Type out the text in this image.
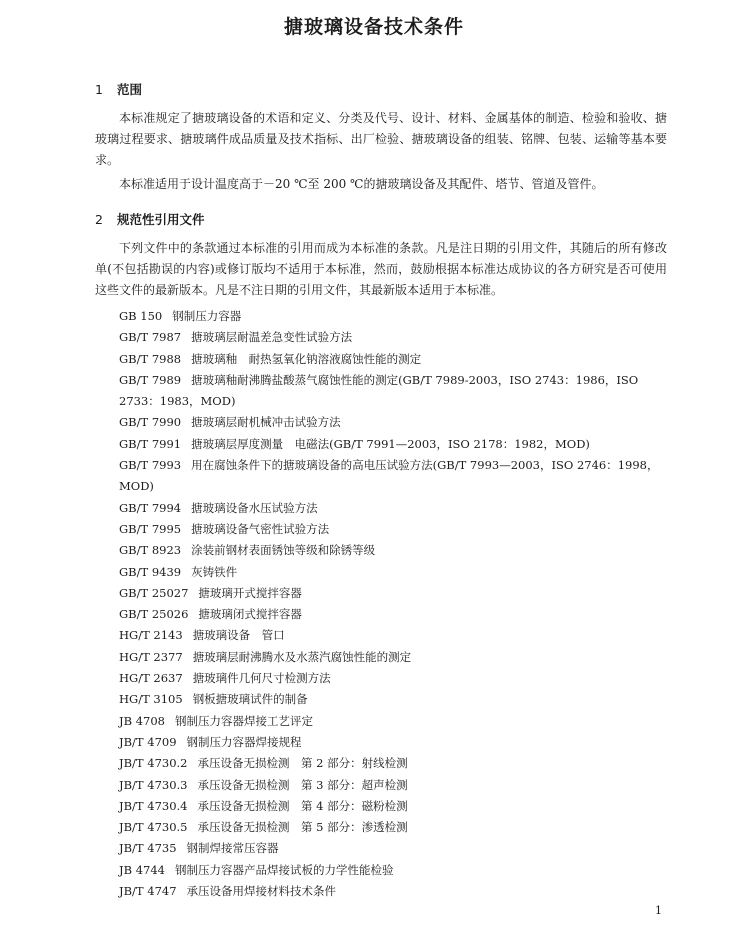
搪玻璃设备技术条件
1 范围
本标准规定了搪玻璃设备的术语和定义、分类及代号、设计、材料、金属基体的制造、检验和验收、搪玻璃过程要求、搪玻璃件成品质量及技术指标、出厂检验、搪玻璃设备的组装、铭牌、包装、运输等基本要求。
本标准适用于设计温度高于－20 ℃至 200 ℃的搪玻璃设备及其配件、塔节、管道及管件。
2 规范性引用文件
下列文件中的条款通过本标准的引用而成为本标准的条款。凡是注日期的引用文件，其随后的所有修改单(不包括勘误的内容)或修订版均不适用于本标准，然而，鼓励根据本标准达成协议的各方研究是否可使用这些文件的最新版本。凡是不注日期的引用文件，其最新版本适用于本标准。
GB 150 钢制压力容器
GB/T 7987 搪玻璃层耐温差急变性试验方法
GB/T 7988 搪玻璃釉　耐热氢氧化钠溶液腐蚀性能的测定
GB/T 7989 搪玻璃釉耐沸腾盐酸蒸气腐蚀性能的测定(GB/T 7989-2003，ISO 2743：1986，ISO 2733：1983，MOD)
GB/T 7990 搪玻璃层耐机械冲击试验方法
GB/T 7991 搪玻璃层厚度测量　电磁法(GB/T 7991—2003，ISO 2178：1982，MOD)
GB/T 7993 用在腐蚀条件下的搪玻璃设备的高电压试验方法(GB/T 7993—2003，ISO 2746：1998，MOD)
GB/T 7994 搪玻璃设备水压试验方法
GB/T 7995 搪玻璃设备气密性试验方法
GB/T 8923 涂装前钢材表面锈蚀等级和除锈等级
GB/T 9439 灰铸铁件
GB/T 25027 搪玻璃开式搅拌容器
GB/T 25026 搪玻璃闭式搅拌容器
HG/T 2143 搪玻璃设备　管口
HG/T 2377 搪玻璃层耐沸腾水及水蒸汽腐蚀性能的测定
HG/T 2637 搪玻璃件几何尺寸检测方法
HG/T 3105 钢板搪玻璃试件的制备
JB 4708 钢制压力容器焊接工艺评定
JB/T 4709 钢制压力容器焊接规程
JB/T 4730.2 承压设备无损检测　第 2 部分：射线检测
JB/T 4730.3 承压设备无损检测　第 3 部分：超声检测
JB/T 4730.4 承压设备无损检测　第 4 部分：磁粉检测
JB/T 4730.5 承压设备无损检测　第 5 部分：渗透检测
JB/T 4735 钢制焊接常压容器
JB 4744 钢制压力容器产品焊接试板的力学性能检验
JB/T 4747 承压设备用焊接材料技术条件
1
